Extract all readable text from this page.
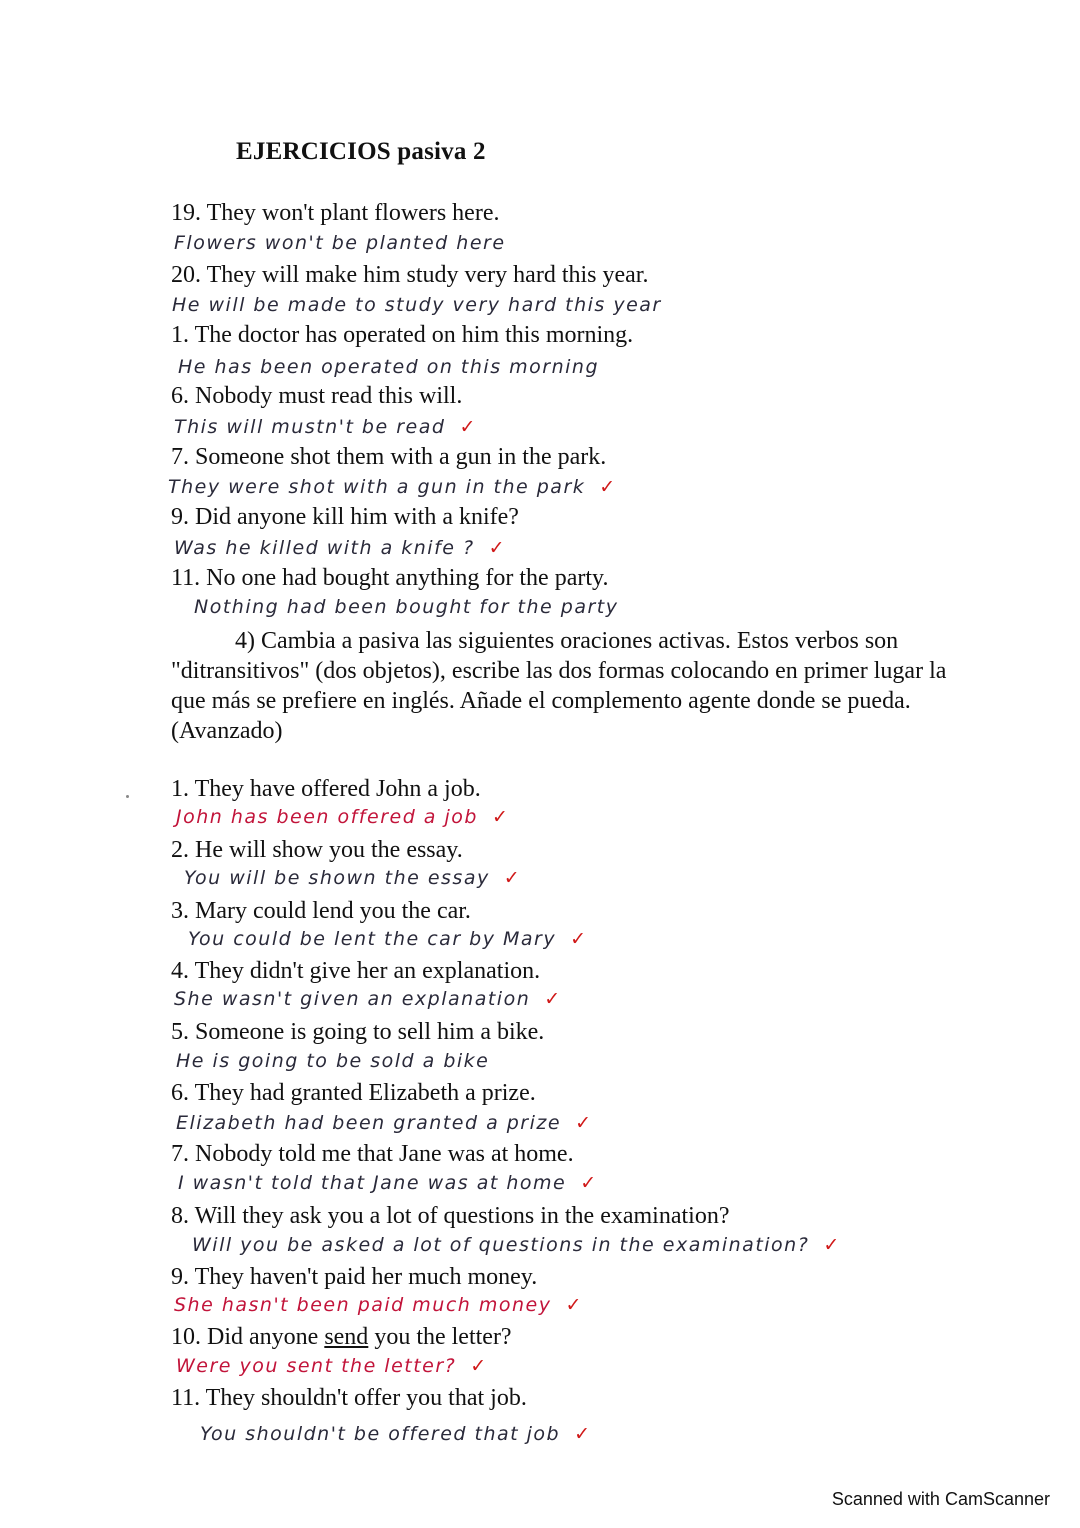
EJERCICIOS pasiva 2
19. They won't plant flowers here.
Flowers won't be planted here
20. They will make him study very hard this year.
He will be made to study very hard this year
1. The doctor has operated on him this morning.
He has been operated on this morning
6. Nobody must read this will.
This will mustn't be read ✓
7. Someone shot them with a gun in the park.
They were shot with a gun in the park ✓
9. Did anyone kill him with a knife?
Was he killed with a knife ? ✓
11. No one had bought anything for the party.
Nothing had been bought for the party
4) Cambia a pasiva las siguientes oraciones activas. Estos verbos son "ditransitivos" (dos objetos), escribe las dos formas colocando en primer lugar la que más se prefiere en inglés. Añade el complemento agente donde se pueda. (Avanzado)
1. They have offered John a job.
John has been offered a job ✓
2. He will show you the essay.
You will be shown the essay ✓
3. Mary could lend you the car.
You could be lent the car by Mary ✓
4. They didn't give her an explanation.
She wasn't given an explanation ✓
5. Someone is going to sell him a bike.
He is going to be sold a bike
6. They had granted Elizabeth a prize.
Elizabeth had been granted a prize ✓
7. Nobody told me that Jane was at home.
I wasn't told that Jane was at home ✓
8. Will they ask you a lot of questions in the examination?
Will you be asked a lot of questions in the examination? ✓
9. They haven't paid her much money.
She hasn't been paid much money ✓
10. Did anyone send you the letter?
Were you sent the letter? ✓
11. They shouldn't offer you that job.
You shouldn't be offered that job ✓
Scanned with CamScanner
